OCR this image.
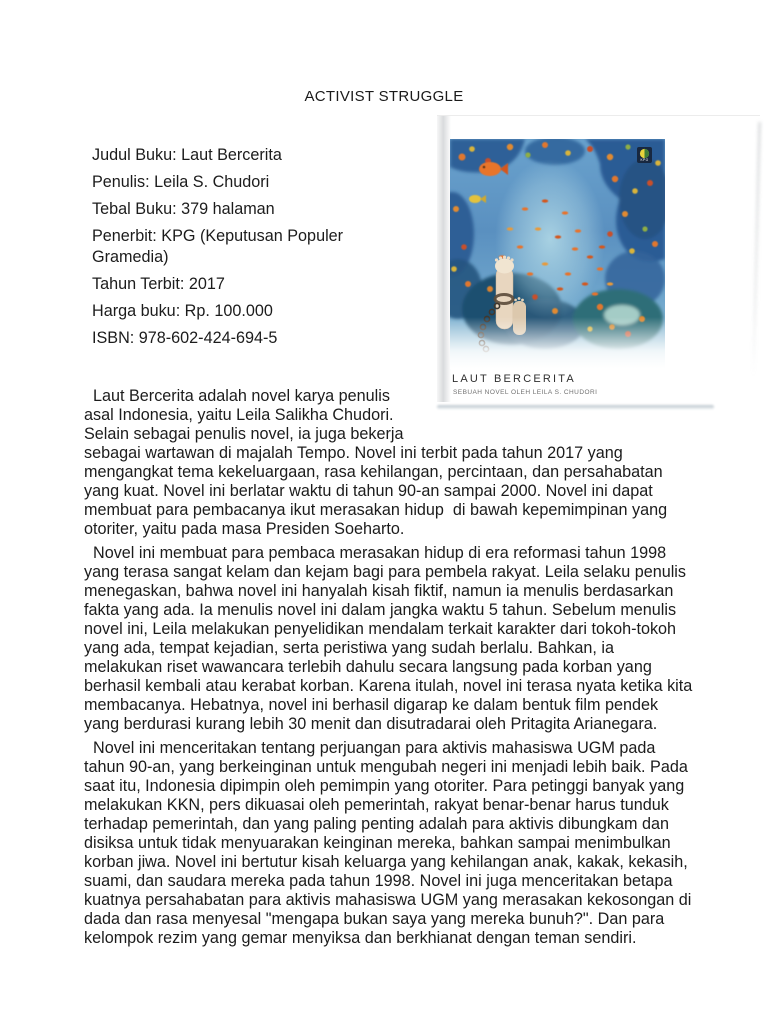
ACTIVIST STRUGGLE
KPG
LAUT BERCERITA
SEBUAH NOVEL OLEH LEILA S. CHUDORI
Judul Buku: Laut Bercerita
Penulis: Leila S. Chudori
Tebal Buku: 379 halaman
Penerbit: KPG (Keputusan Populer
Gramedia)
Tahun Terbit: 2017
Harga buku: Rp. 100.000
ISBN: 978-602-424-694-5
Laut Bercerita adalah novel karya penulis
asal Indonesia, yaitu Leila Salikha Chudori.
Selain sebagai penulis novel, ia juga bekerja
sebagai wartawan di majalah Tempo. Novel ini terbit pada tahun 2017 yang
mengangkat tema kekeluargaan, rasa kehilangan, percintaan, dan persahabatan
yang kuat. Novel ini berlatar waktu di tahun 90-an sampai 2000. Novel ini dapat
membuat para pembacanya ikut merasakan hidup  di bawah kepemimpinan yang
otoriter, yaitu pada masa Presiden Soeharto.
Novel ini membuat para pembaca merasakan hidup di era reformasi tahun 1998
yang terasa sangat kelam dan kejam bagi para pembela rakyat. Leila selaku penulis
menegaskan, bahwa novel ini hanyalah kisah fiktif, namun ia menulis berdasarkan
fakta yang ada. Ia menulis novel ini dalam jangka waktu 5 tahun. Sebelum menulis
novel ini, Leila melakukan penyelidikan mendalam terkait karakter dari tokoh-tokoh
yang ada, tempat kejadian, serta peristiwa yang sudah berlalu. Bahkan, ia
melakukan riset wawancara terlebih dahulu secara langsung pada korban yang
berhasil kembali atau kerabat korban. Karena itulah, novel ini terasa nyata ketika kita
membacanya. Hebatnya, novel ini berhasil digarap ke dalam bentuk film pendek
yang berdurasi kurang lebih 30 menit dan disutradarai oleh Pritagita Arianegara.
Novel ini menceritakan tentang perjuangan para aktivis mahasiswa UGM pada
tahun 90-an, yang berkeinginan untuk mengubah negeri ini menjadi lebih baik. Pada
saat itu, Indonesia dipimpin oleh pemimpin yang otoriter. Para petinggi banyak yang
melakukan KKN, pers dikuasai oleh pemerintah, rakyat benar-benar harus tunduk
terhadap pemerintah, dan yang paling penting adalah para aktivis dibungkam dan
disiksa untuk tidak menyuarakan keinginan mereka, bahkan sampai menimbulkan
korban jiwa. Novel ini bertutur kisah keluarga yang kehilangan anak, kakak, kekasih,
suami, dan saudara mereka pada tahun 1998. Novel ini juga menceritakan betapa
kuatnya persahabatan para aktivis mahasiswa UGM yang merasakan kekosongan di
dada dan rasa menyesal "mengapa bukan saya yang mereka bunuh?". Dan para
kelompok rezim yang gemar menyiksa dan berkhianat dengan teman sendiri.
